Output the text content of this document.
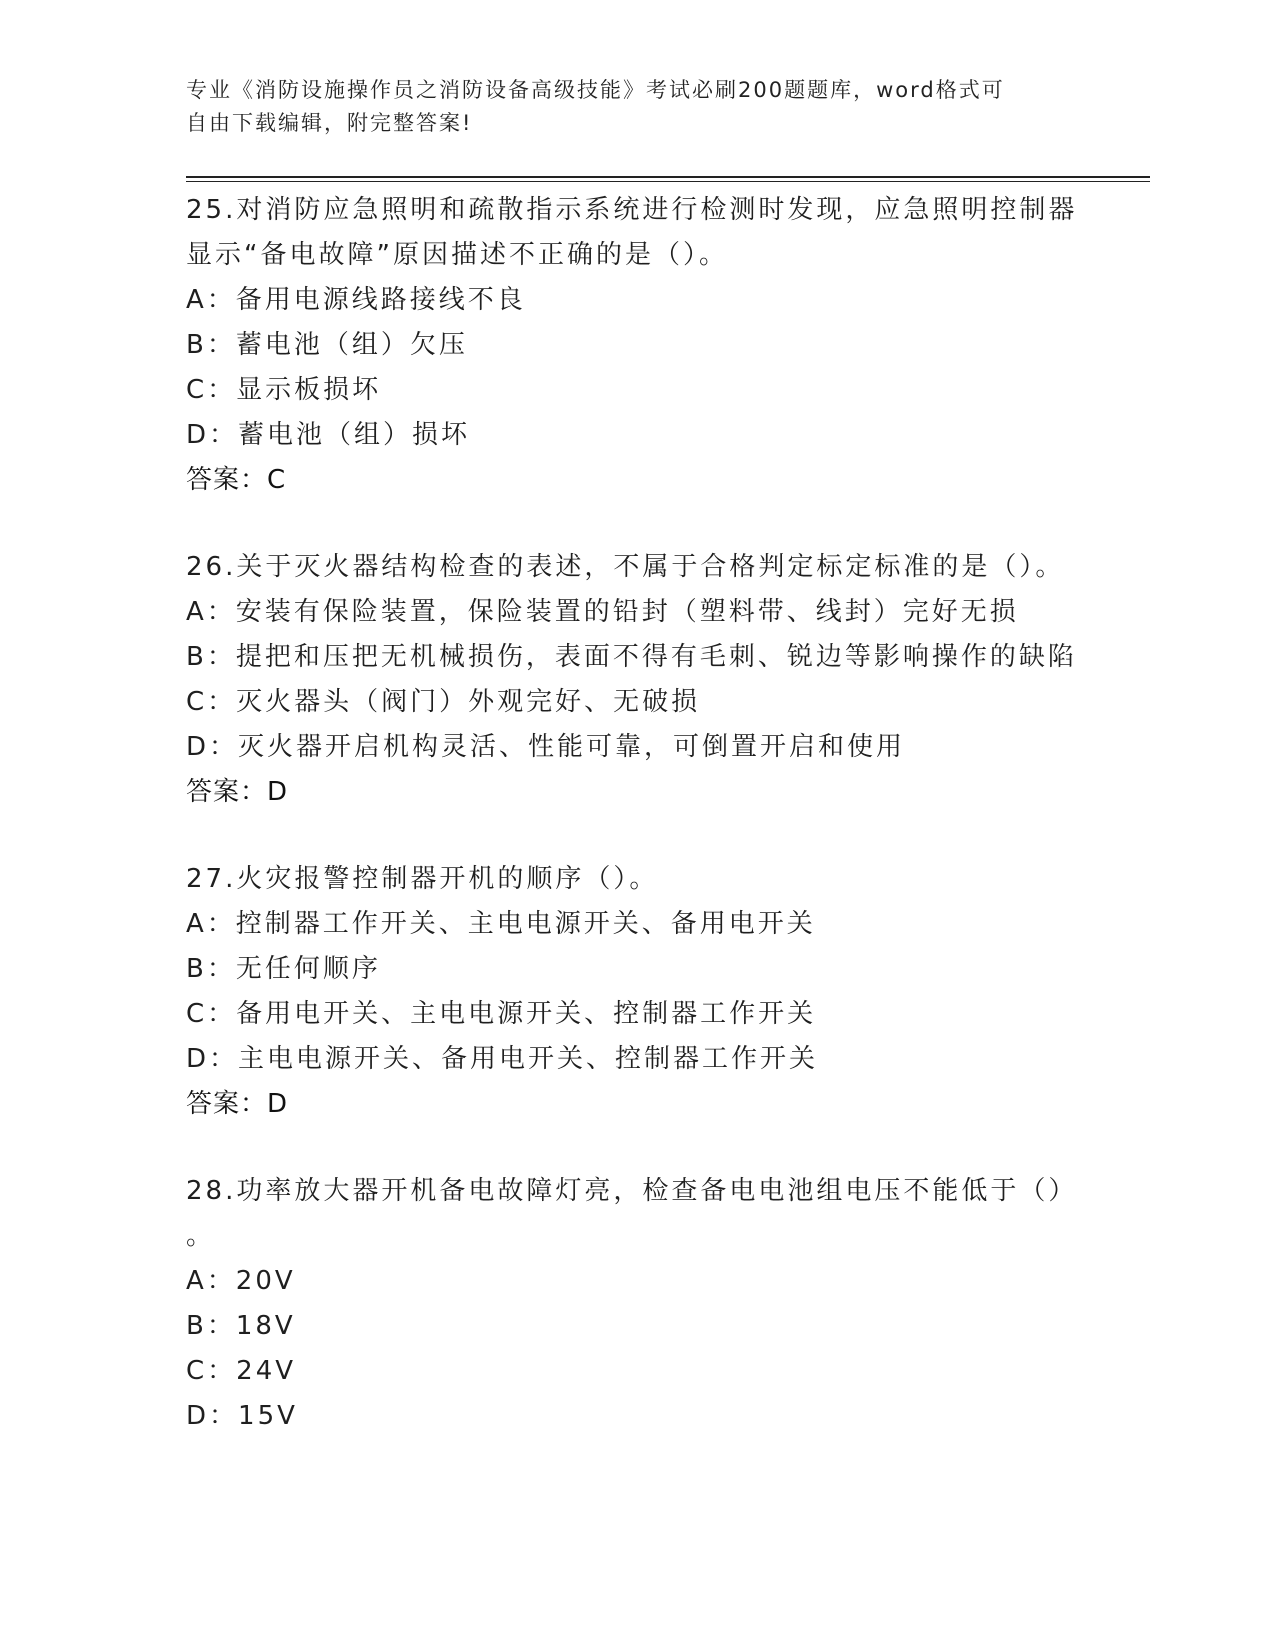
专业《消防设施操作员之消防设备高级技能》考试必刷200题题库，word格式可
自由下载编辑，附完整答案!
25.对消防应急照明和疏散指示系统进行检测时发现，应急照明控制器
显示“备电故障”原因描述不正确的是（）。
A：备用电源线路接线不良
B：蓄电池（组）欠压
C：显示板损坏
D：蓄电池（组）损坏
答案：C
26.关于灭火器结构检查的表述，不属于合格判定标定标准的是（）。
A：安装有保险装置，保险装置的铅封（塑料带、线封）完好无损
B：提把和压把无机械损伤，表面不得有毛刺、锐边等影响操作的缺陷
C：灭火器头（阀门）外观完好、无破损
D：灭火器开启机构灵活、性能可靠，可倒置开启和使用
答案：D
27.火灾报警控制器开机的顺序（）。
A：控制器工作开关、主电电源开关、备用电开关
B：无任何顺序
C：备用电开关、主电电源开关、控制器工作开关
D：主电电源开关、备用电开关、控制器工作开关
答案：D
28.功率放大器开机备电故障灯亮，检查备电电池组电压不能低于（）
。
A：20V
B：18V
C：24V
D：15V
